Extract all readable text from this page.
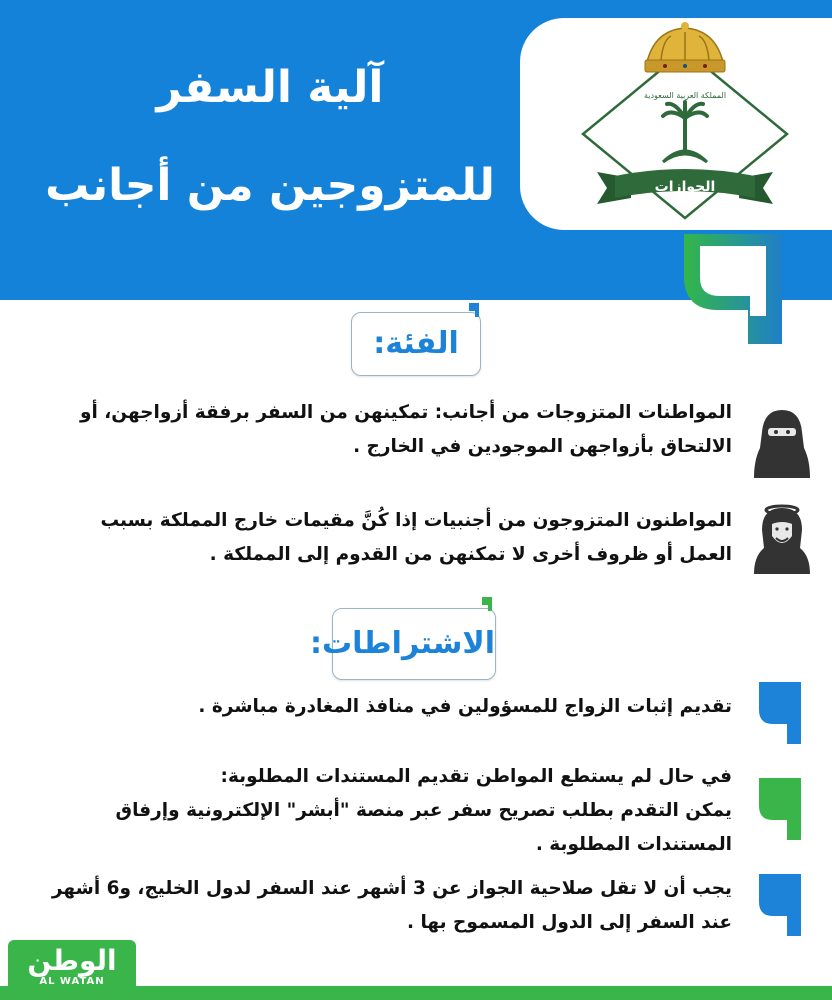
آلية السفر
للمتزوجين من أجانب
المملكة العربية السعودية
الجوازات
الفئة:

المواطنات المتزوجات من أجانب: تمكينهن من السفر برفقة أزواجهن، أو

الالتحاق بأزواجهن الموجودين في الخارج .

المواطنون المتزوجون من أجنبيات إذا كُنَّ مقيمات خارج المملكة بسبب

العمل أو ظروف أخرى لا تمكنهن من القدوم إلى المملكة .

الاشتراطات:

تقديم إثبات الزواج للمسؤولين في منافذ المغادرة مباشرة .

في حال لم يستطع المواطن تقديم المستندات المطلوبة:

يمكن التقدم بطلب تصريح سفر عبر منصة "أبشر" الإلكترونية وإرفاق

المستندات المطلوبة .

يجب أن لا تقل صلاحية الجواز عن 3 أشهر عند السفر لدول الخليج، و6 أشهر

عند السفر إلى الدول المسموح بها .

الوطن
AL WATAN
